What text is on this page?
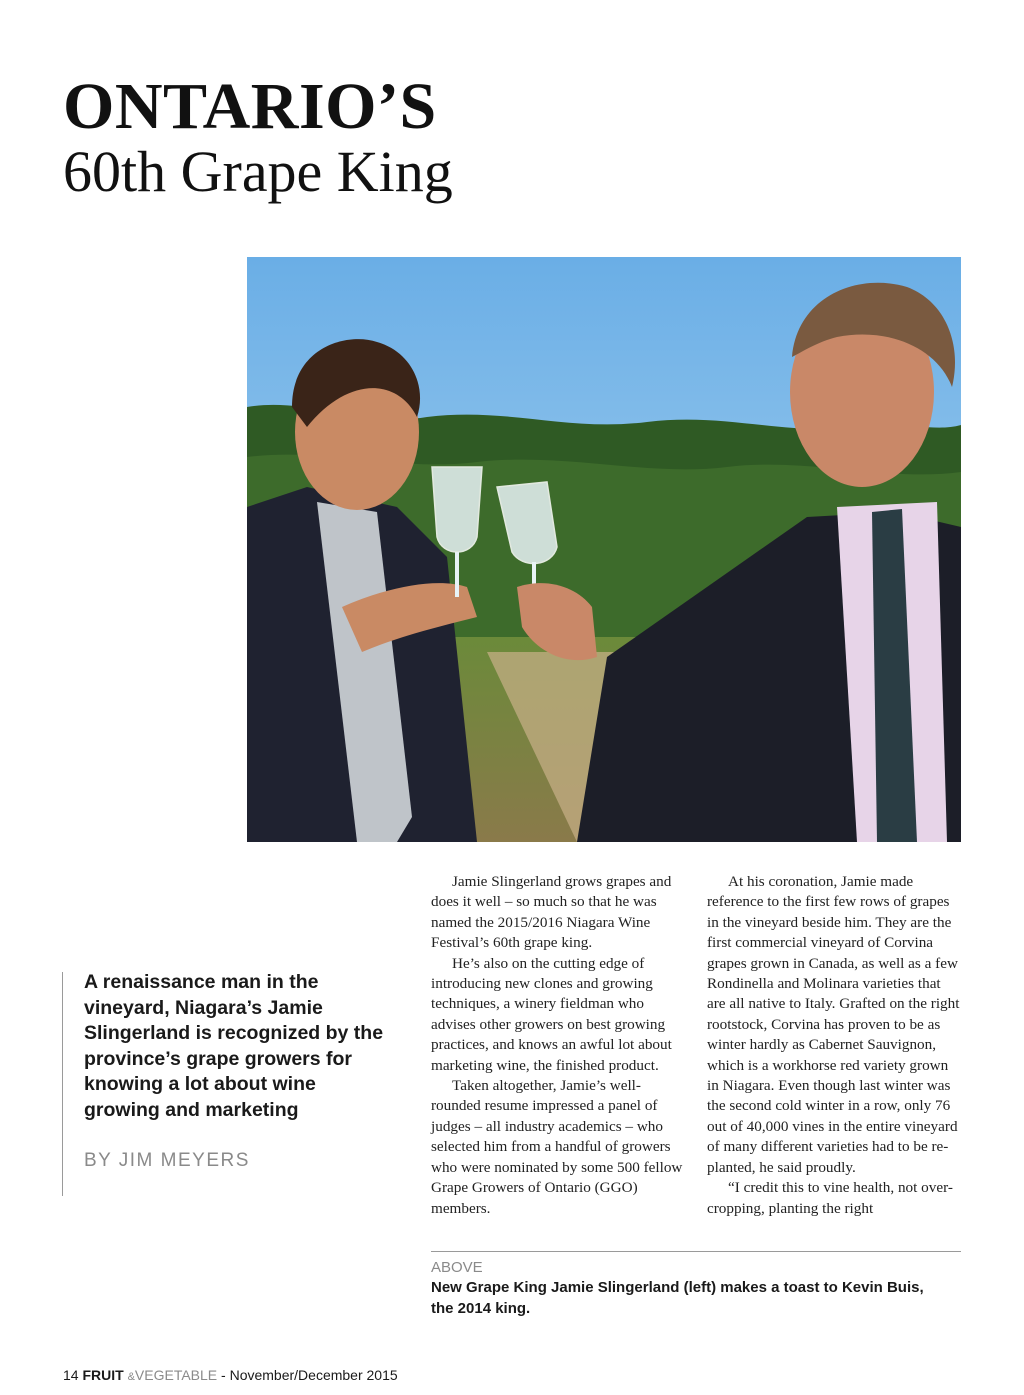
ONTARIO’S
60th Grape King
A renaissance man in the vineyard, Niagara’s Jamie Slingerland is recognized by the province’s grape growers for knowing a lot about wine growing and marketing
BY JIM MEYERS

Jamie Slingerland grows grapes and does it well – so much so that he was named the 2015/2016 Niagara Wine Festival’s 60th grape king.

He’s also on the cutting edge of introducing new clones and growing techniques, a winery fieldman who advises other growers on best growing practices, and knows an awful lot about marketing wine, the finished product.

Taken altogether, Jamie’s well-rounded resume impressed a panel of judges – all industry academics – who selected him from a handful of growers who were nominated by some 500 fellow Grape Growers of Ontario (GGO) members.

At his coronation, Jamie made reference to the first few rows of grapes in the vineyard beside him. They are the first commercial vineyard of Corvina grapes grown in Canada, as well as a few Rondinella and Molinara varieties that are all native to Italy. Grafted on the right rootstock, Corvina has proven to be as winter hardly as Cabernet Sauvignon, which is a workhorse red variety grown in Niagara. Even though last winter was the second cold winter in a row, only 76 out of 40,000 vines in the entire vineyard of many different varieties had to be re-planted, he said proudly.

“I credit this to vine health, not over-cropping, planting the right

ABOVE
New Grape King Jamie Slingerland (left) makes a toast to Kevin Buis, the 2014 king.
14 FRUIT &VEGETABLE - November/December 2015
